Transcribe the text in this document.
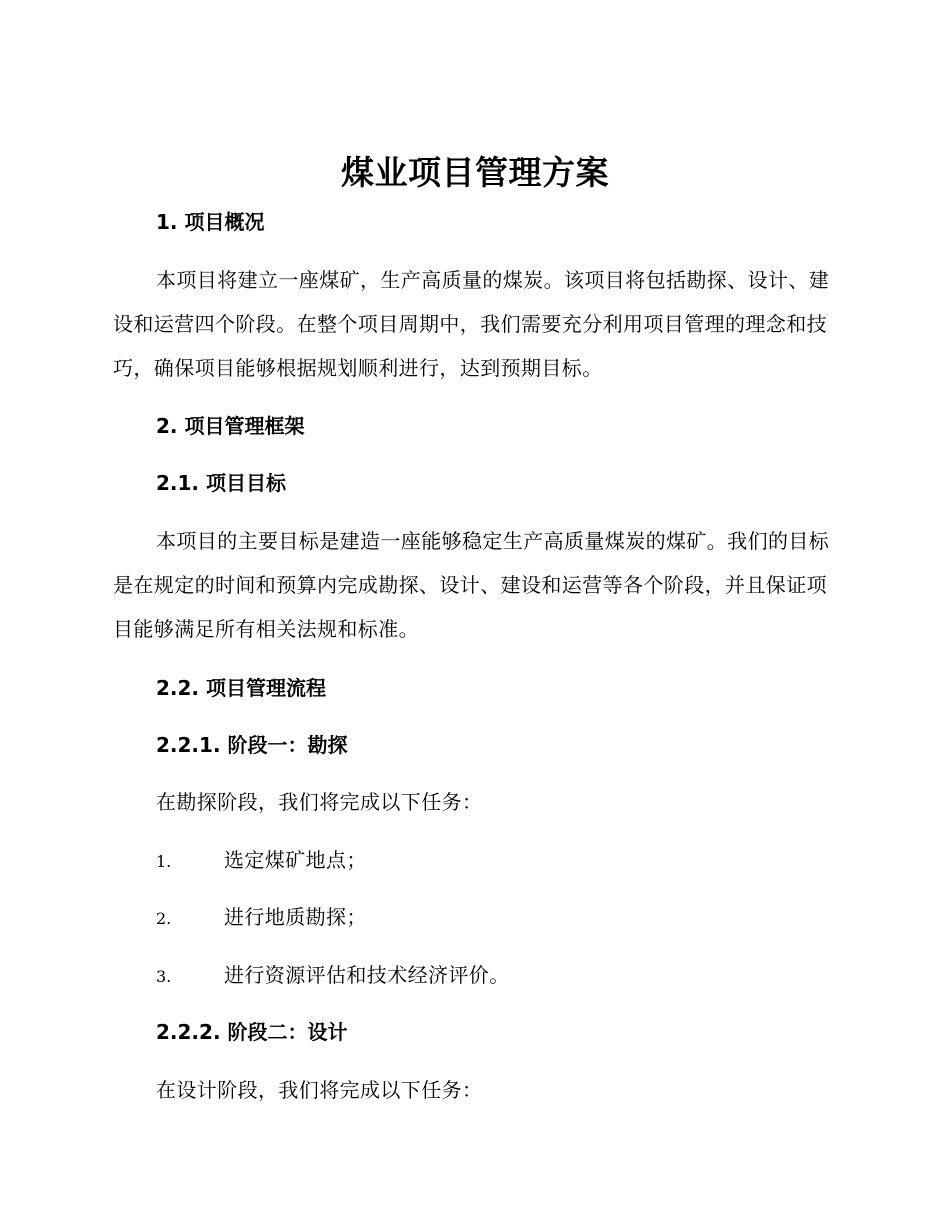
煤业项目管理方案
1. 项目概况
本项目将建立一座煤矿，生产高质量的煤炭。该项目将包括勘探、设计、建设和运营四个阶段。在整个项目周期中，我们需要充分利用项目管理的理念和技巧，确保项目能够根据规划顺利进行，达到预期目标。
2. 项目管理框架
2.1. 项目目标
本项目的主要目标是建造一座能够稳定生产高质量煤炭的煤矿。我们的目标是在规定的时间和预算内完成勘探、设计、建设和运营等各个阶段，并且保证项目能够满足所有相关法规和标准。
2.2. 项目管理流程
2.2.1. 阶段一：勘探
在勘探阶段，我们将完成以下任务：
1.	选定煤矿地点；
2.	进行地质勘探；
3.	进行资源评估和技术经济评价。
2.2.2. 阶段二：设计
在设计阶段，我们将完成以下任务：
